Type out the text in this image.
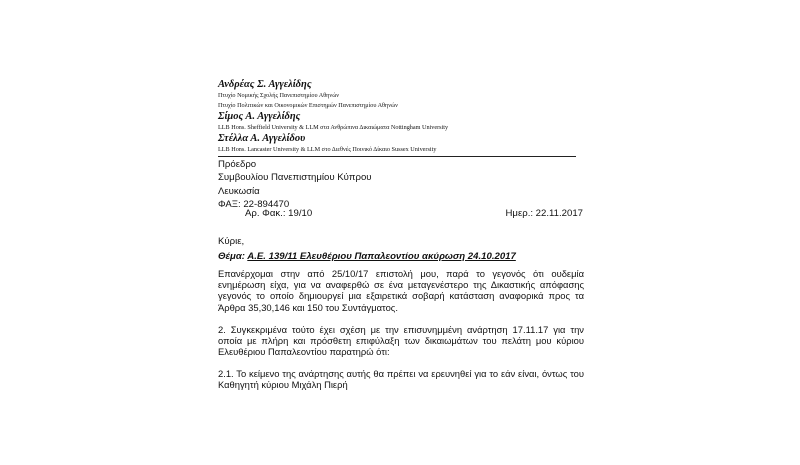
Ανδρέας Σ. Αγγελίδης
Πτυχίο Νομικής Σχολής Πανεπιστημίου Αθηνών
Πτυχίο Πολιτικών και Οικονομικών Επιστημών Πανεπιστημίου Αθηνών
Σίμος Α. Αγγελίδης
LLB Hons. Sheffield University & LLM στα Ανθρώπινα Δικαιώματα Nottingham University
Στέλλα Α. Αγγελίδου
LLB Hons. Lancaster University & LLM στο Διεθνές Ποινικό Δίκαιο Sussex University
Πρόεδρο
Συμβουλίου Πανεπιστημίου Κύπρου
Λευκωσία
ΦΑΞ: 22-894470
Αρ. Φακ.: 19/10	Ημερ.: 22.11.2017
Κύριε,
Θέμα: Α.Ε. 139/11 Ελευθέριου Παπαλεοντίου ακύρωση 24.10.2017
Επανέρχομαι στην από 25/10/17 επιστολή μου, παρά το γεγονός ότι ουδεμία ενημέρωση είχα, για να αναφερθώ σε ένα μεταγενέστερο της Δικαστικής απόφασης γεγονός το οποίο δημιουργεί μια εξαιρετικά σοβαρή κατάσταση αναφορικά προς τα Άρθρα 35,30,146 και 150 του Συντάγματος.
2. Συγκεκριμένα τούτο έχει σχέση με την επισυνημμένη ανάρτηση 17.11.17 για την οποία με πλήρη και πρόσθετη επιφύλαξη των δικαιωμάτων του πελάτη μου κύριου Ελευθέριου Παπαλεοντίου παρατηρώ ότι:
2.1. Το κείμενο της ανάρτησης αυτής θα πρέπει να ερευνηθεί για το εάν είναι, όντως του Καθηγητή κύριου Μιχάλη Πιερή
